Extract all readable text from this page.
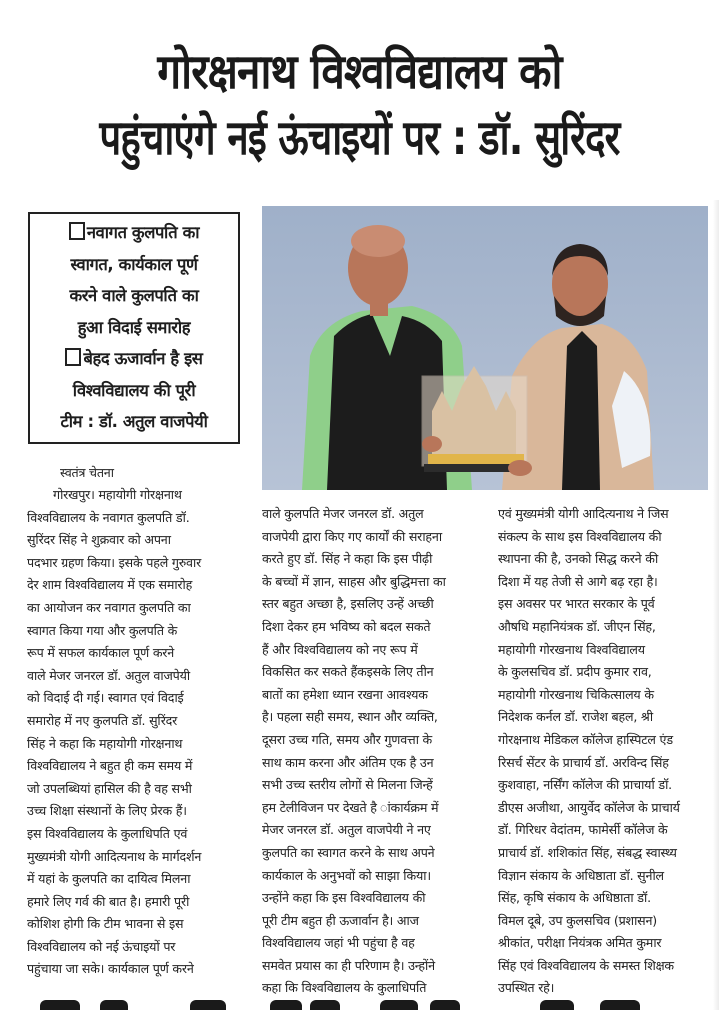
गोरक्षनाथ विश्वविद्यालय को
पहुंचाएंगे नई ऊंचाइयों पर : डॉ. सुरिंदर
नवागत कुलपति का
स्वागत, कार्यकाल पूर्ण
करने वाले कुलपति का
हुआ विदाई समारोह
बेहद ऊजार्वान है इस
विश्वविद्यालय की पूरी
टीम : डॉ. अतुल वाजपेयी
स्वतंत्र चेतना
गोरखपुर। महायोगी गोरक्षनाथ
विश्वविद्यालय के नवागत कुलपति डॉ.
सुरिंदर सिंह ने शुक्रवार को अपना
पदभार ग्रहण किया। इसके पहले गुरुवार
देर शाम विश्वविद्यालय में एक समारोह
का आयोजन कर नवागत कुलपति का
स्वागत किया गया और कुलपति के
रूप में सफल कार्यकाल पूर्ण करने
वाले मेजर जनरल डॉ. अतुल वाजपेयी
को विदाई दी गई। स्वागत एवं विदाई
समारोह में नए कुलपति डॉ. सुरिंदर
सिंह ने कहा कि महायोगी गोरक्षनाथ
विश्वविद्यालय ने बहुत ही कम समय में
जो उपलब्धियां हासिल की है वह सभी
उच्च शिक्षा संस्थानों के लिए प्रेरक हैं।
इस विश्वविद्यालय के कुलाधिपति एवं
मुख्यमंत्री योगी आदित्यनाथ के मार्गदर्शन
में यहां के कुलपति का दायित्व मिलना
हमारे लिए गर्व की बात है। हमारी पूरी
कोशिश होगी कि टीम भावना से इस
विश्वविद्यालय को नई ऊंचाइयों पर
पहुंचाया जा सके। कार्यकाल पूर्ण करने
वाले कुलपति मेजर जनरल डॉ. अतुल
वाजपेयी द्वारा किए गए कार्यों की सराहना
करते हुए डॉ. सिंह ने कहा कि इस पीढ़ी
के बच्चों में ज्ञान, साहस और बुद्धिमत्ता का
स्तर बहुत अच्छा है, इसलिए उन्हें अच्छी
दिशा देकर हम भविष्य को बदल सकते
हैं और विश्वविद्यालय को नए रूप में
विकसित कर सकते हैंकइसके लिए तीन
बातों का हमेशा ध्यान रखना आवश्यक
है। पहला सही समय, स्थान और व्यक्ति,
दूसरा उच्च गति, समय और गुणवत्ता के
साथ काम करना और अंतिम एक है उन
सभी उच्च स्तरीय लोगों से मिलना जिन्हें
हम टेलीविजन पर देखते है ांकार्यक्रम में
मेजर जनरल डॉ. अतुल वाजपेयी ने नए
कुलपति का स्वागत करने के साथ अपने
कार्यकाल के अनुभवों को साझा किया।
उन्होंने कहा कि इस विश्वविद्यालय की
पूरी टीम बहुत ही ऊजार्वान है। आज
विश्वविद्यालय जहां भी पहुंचा है वह
समवेत प्रयास का ही परिणाम है। उन्होंने
कहा कि विश्वविद्यालय के कुलाधिपति
एवं मुख्यमंत्री योगी आदित्यनाथ ने जिस
संकल्प के साथ इस विश्वविद्यालय की
स्थापना की है, उनको सिद्ध करने की
दिशा में यह तेजी से आगे बढ़ रहा है।
इस अवसर पर भारत सरकार के पूर्व
औषधि महानियंत्रक डॉ. जीएन सिंह,
महायोगी गोरखनाथ विश्वविद्यालय
के कुलसचिव डॉ. प्रदीप कुमार राव,
महायोगी गोरखनाथ चिकित्सालय के
निदेशक कर्नल डॉ. राजेश बहल, श्री
गोरक्षनाथ मेडिकल कॉलेज हास्पिटल एंड
रिसर्च सेंटर के प्राचार्य डॉ. अरविन्द सिंह
कुशवाहा, नर्सिंग कॉलेज की प्राचार्या डॉ.
डीएस अजीथा, आयुर्वेद कॉलेज के प्राचार्य
डॉ. गिरिधर वेदांतम, फामेर्सी कॉलेज के
प्राचार्य डॉ. शशिकांत सिंह, संबद्ध स्वास्थ्य
विज्ञान संकाय के अधिष्ठाता डॉ. सुनील
सिंह, कृषि संकाय के अधिष्ठाता डॉ.
विमल दूबे, उप कुलसचिव (प्रशासन)
श्रीकांत, परीक्षा नियंत्रक अमित कुमार
सिंह एवं विश्वविद्यालय के समस्त शिक्षक
उपस्थित रहे।
